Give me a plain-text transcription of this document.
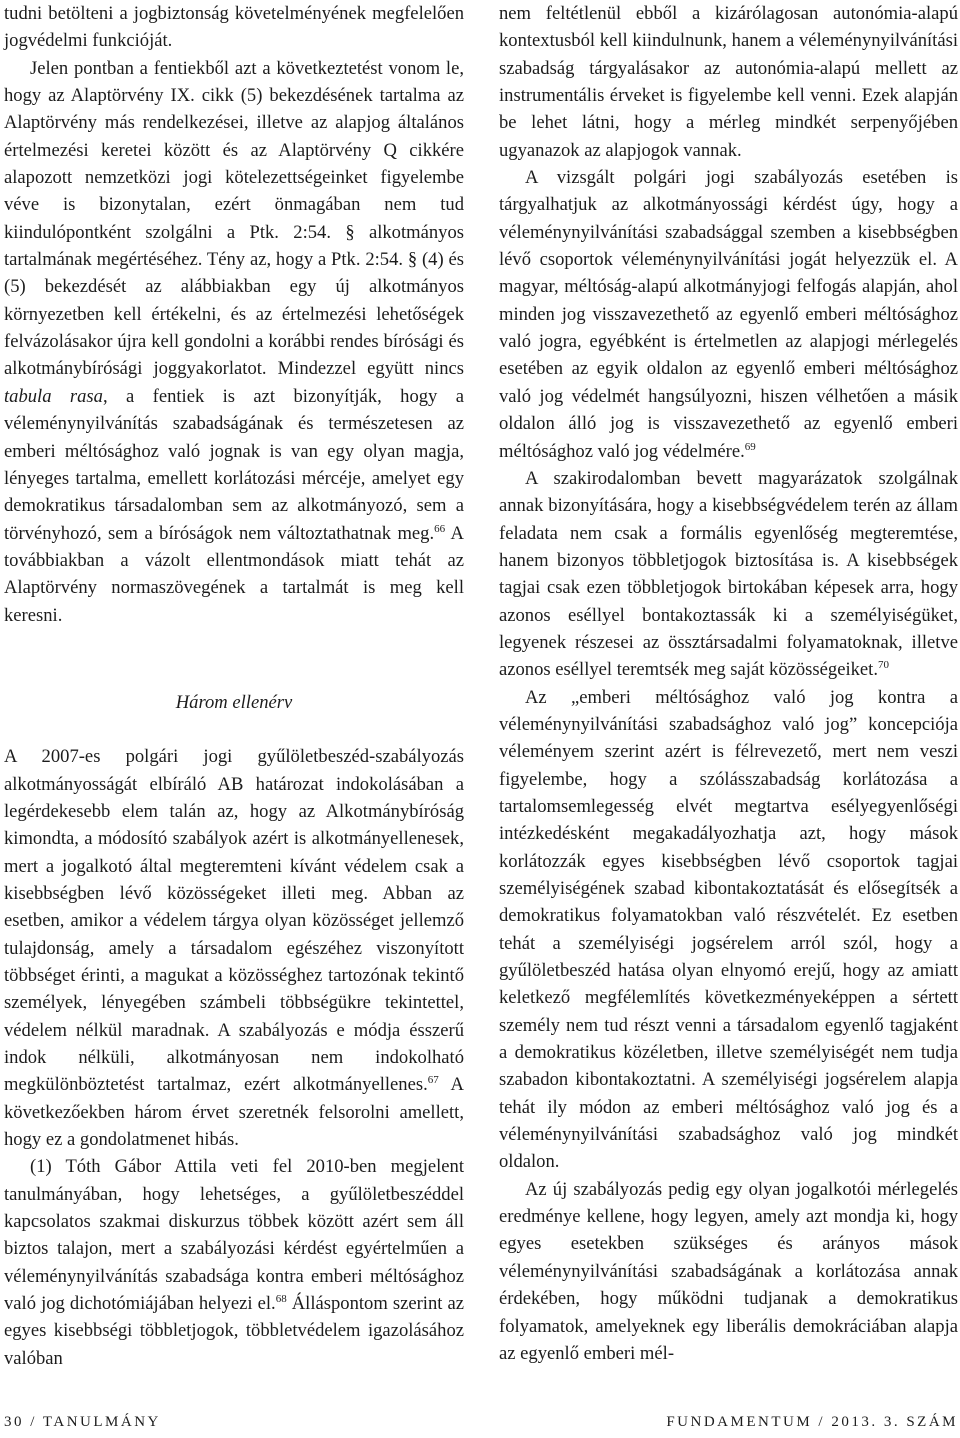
tudni betölteni a jogbiztonság követelményének megfelelően jogvédelmi funkcióját.

Jelen pontban a fentiekből azt a következtetést vonom le, hogy az Alaptörvény IX. cikk (5) bekezdésének tartalma az Alaptörvény más rendelkezései, illetve az alapjog általános értelmezési keretei között és az Alaptörvény Q cikkére alapozott nemzetközi jogi kötelezettségeinket figyelembe véve is bizonytalan, ezért önmagában nem tud kiindulópontként szolgálni a Ptk. 2:54. § alkotmányos tartalmának megértéséhez. Tény az, hogy a Ptk. 2:54. § (4) és (5) bekezdését az alábbiakban egy új alkotmányos környezetben kell értékelni, és az értelmezési lehetőségek felvázolásakor újra kell gondolni a korábbi rendes bírósági és alkotmánybírósági joggyakorlatot. Mindezzel együtt nincs tabula rasa, a fentiek is azt bizonyítják, hogy a véleménynyilvánítás szabadságának és természetesen az emberi méltósághoz való jognak is van egy olyan magja, lényeges tartalma, emellett korlátozási mércéje, amelyet egy demokratikus társadalomban sem az alkotmányozó, sem a törvényhozó, sem a bíróságok nem változtathatnak meg.$^{66}$ A továbbiakban a vázolt ellentmondások miatt tehát az Alaptörvény normaszövegének a tartalmát is meg kell keresni.

Három ellenérv

A 2007-es polgári jogi gyűlöletbeszéd-szabályozás alkotmányosságát elbíráló AB határozat indokolásában a legérdekesebb elem talán az, hogy az Alkotmánybíróság kimondta, a módosító szabályok azért is alkotmányellenesek, mert a jogalkotó által megteremteni kívánt védelem csak a kisebbségben lévő közösségeket illeti meg. Abban az esetben, amikor a védelem tárgya olyan közösséget jellemző tulajdonság, amely a társadalom egészéhez viszonyított többséget érinti, a magukat a közösséghez tartozónak tekintő személyek, lényegében számbeli többségükre tekintettel, védelem nélkül maradnak. A szabályozás e módja ésszerű indok nélküli, alkotmányosan nem indokolható megkülönböztetést tartalmaz, ezért alkotmányellenes.$^{67}$ A következőekben három érvet szeretnék felsorolni amellett, hogy ez a gondolatmenet hibás.

(1) Tóth Gábor Attila veti fel 2010-ben megjelent tanulmányában, hogy lehetséges, a gyűlöletbeszéddel kapcsolatos szakmai diskurzus többek között azért sem áll biztos talajon, mert a szabályozási kérdést egyértelműen a véleménynyilvánítás szabadsága kontra emberi méltósághoz való jog dichotómiájában helyezi el.$^{68}$ Álláspontom szerint az egyes kisebbségi többletjogok, többletvédelem igazolásához valóban

nem feltétlenül ebből a kizárólagosan autonómia-alapú kontextusból kell kiindulnunk, hanem a véleménynyilvánítási szabadság tárgyalásakor az autonómia-alapú mellett az instrumentális érveket is figyelembe kell venni. Ezek alapján be lehet látni, hogy a mérleg mindkét serpenyőjében ugyanazok az alapjogok vannak.

A vizsgált polgári jogi szabályozás esetében is tárgyalhatjuk az alkotmányossági kérdést úgy, hogy a véleménynyilvánítási szabadsággal szemben a kisebbségben lévő csoportok véleménynyilvánítási jogát helyezzük el. A magyar, méltóság-alapú alkotmányjogi felfogás alapján, ahol minden jog visszavezethető az egyenlő emberi méltósághoz való jogra, egyébként is értelmetlen az alapjogi mérlegelés esetében az egyik oldalon az egyenlő emberi méltósághoz való jog védelmét hangsúlyozni, hiszen vélhetően a másik oldalon álló jog is visszavezethető az egyenlő emberi méltósághoz való jog védelmére.$^{69}$

A szakirodalomban bevett magyarázatok szolgálnak annak bizonyítására, hogy a kisebbségvédelem terén az állam feladata nem csak a formális egyenlőség megteremtése, hanem bizonyos többletjogok biztosítása is. A kisebbségek tagjai csak ezen többletjogok birtokában képesek arra, hogy azonos eséllyel bontakoztassák ki a személyiségüket, legyenek részesei az össztársadalmi folyamatoknak, illetve azonos eséllyel teremtsék meg saját közösségeiket.$^{70}$

Az „emberi méltósághoz való jog kontra a véleménynyilvánítási szabadsághoz való jog” koncepciója véleményem szerint azért is félrevezető, mert nem veszi figyelembe, hogy a szólásszabadság korlátozása a tartalomsemlegesség elvét megtartva esélyegyenlőségi intézkedésként megakadályozhatja azt, hogy mások korlátozzák egyes kisebbségben lévő csoportok tagjai személyiségének szabad kibontakoztatását és elősegítsék a demokratikus folyamatokban való részvételét. Ez esetben tehát a személyiségi jogsérelem arról szól, hogy a gyűlöletbeszéd hatása olyan elnyomó erejű, hogy az amiatt keletkező megfélemlítés következményeképpen a sértett személy nem tud részt venni a társadalom egyenlő tagjaként a demokratikus közéletben, illetve személyiségét nem tudja szabadon kibontakoztatni. A személyiségi jogsérelem alapja tehát ily módon az emberi méltósághoz való jog és a véleménynyilvánítási szabadsághoz való jog mindkét oldalon.

Az új szabályozás pedig egy olyan jogalkotói mérlegelés eredménye kellene, hogy legyen, amely azt mondja ki, hogy egyes esetekben szükséges és arányos mások véleménynyilvánítási szabadságának a korlátozása annak érdekében, hogy működni tudjanak a demokratikus folyamatok, amelyeknek egy liberális demokráciában alapja az egyenlő emberi mél-

30 / TANULMÁNY	FUNDAMENTUM / 2013. 3. SZÁM
